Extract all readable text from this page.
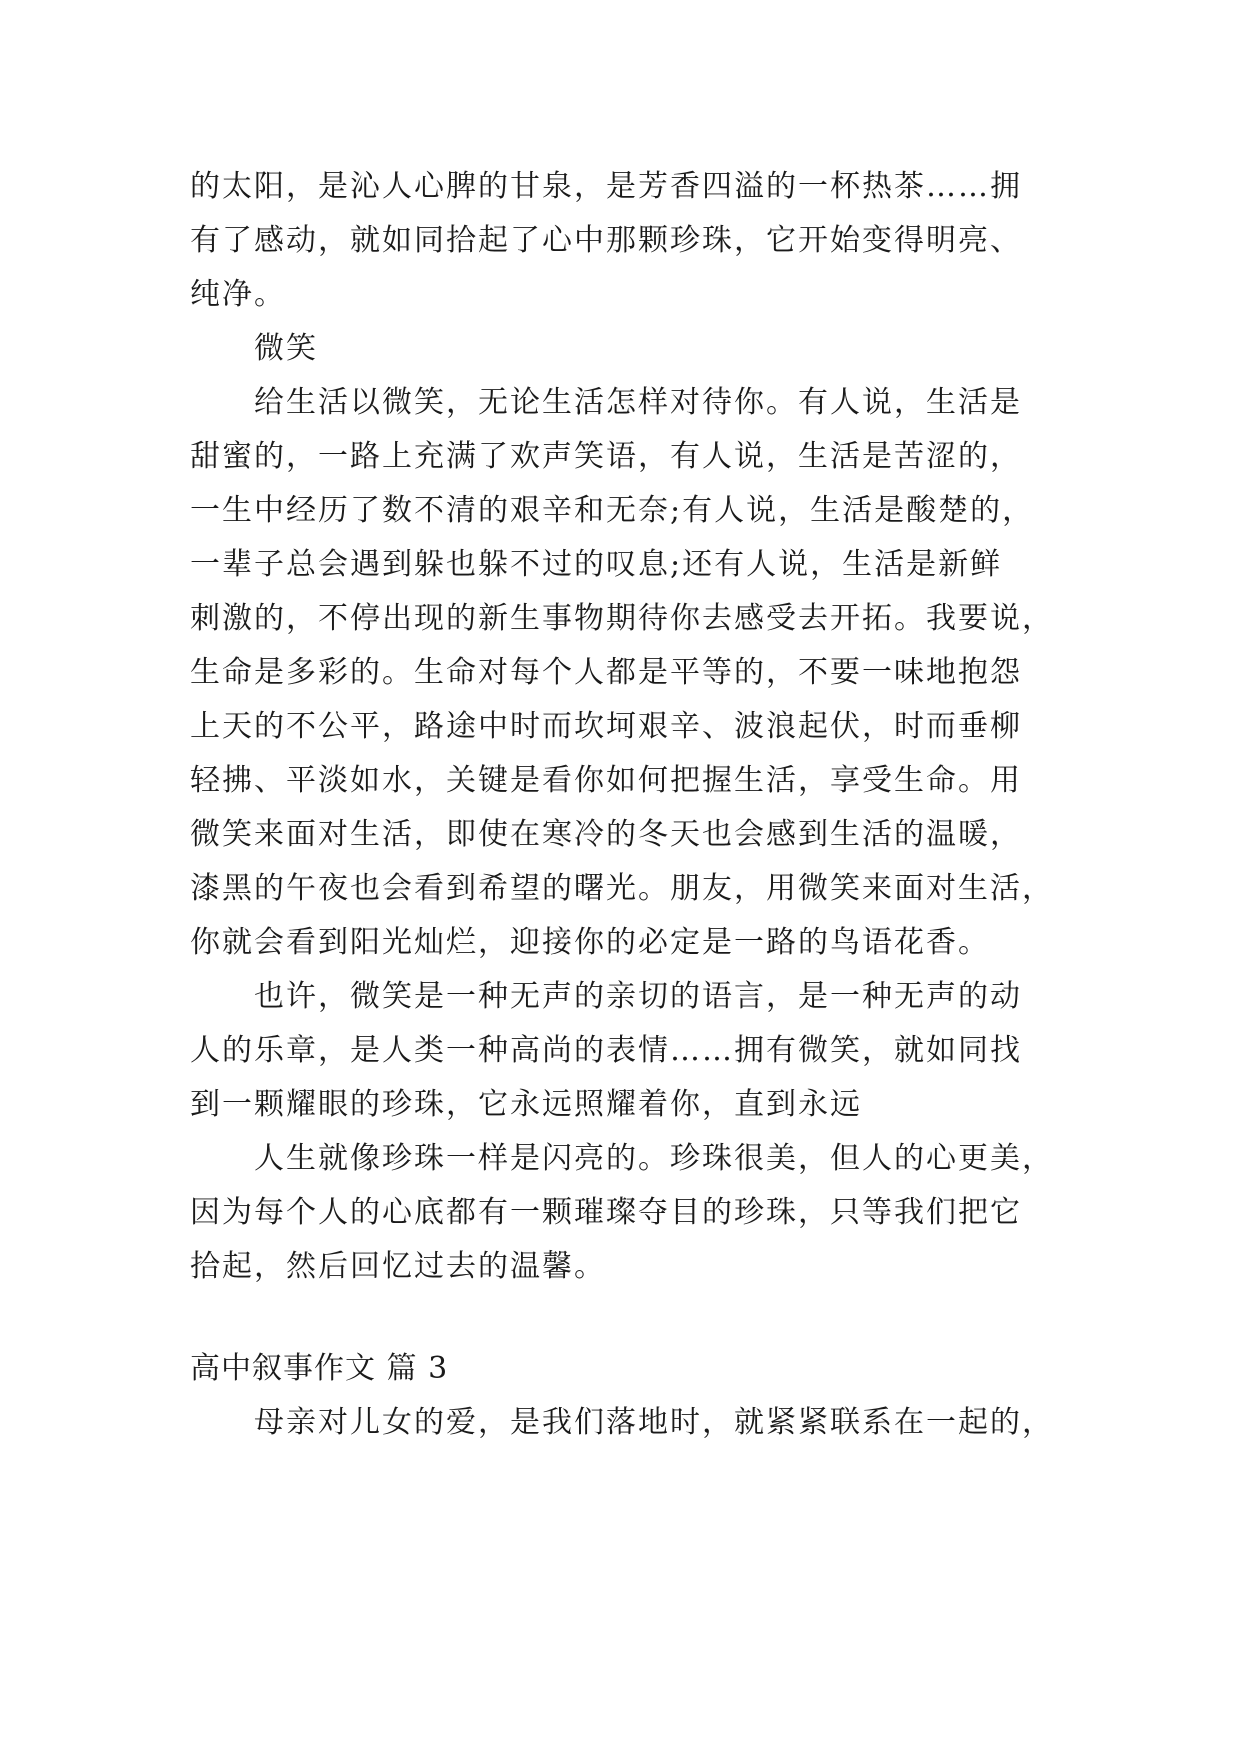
的太阳，是沁人心脾的甘泉，是芳香四溢的一杯热茶……拥
有了感动，就如同拾起了心中那颗珍珠，它开始变得明亮、
纯净。
微笑
给生活以微笑，无论生活怎样对待你。有人说，生活是
甜蜜的，一路上充满了欢声笑语，有人说，生活是苦涩的，
一生中经历了数不清的艰辛和无奈;有人说，生活是酸楚的，
一辈子总会遇到躲也躲不过的叹息;还有人说，生活是新鲜
刺激的，不停出现的新生事物期待你去感受去开拓。我要说，
生命是多彩的。生命对每个人都是平等的，不要一味地抱怨
上天的不公平，路途中时而坎坷艰辛、波浪起伏，时而垂柳
轻拂、平淡如水，关键是看你如何把握生活，享受生命。用
微笑来面对生活，即使在寒冷的冬天也会感到生活的温暖，
漆黑的午夜也会看到希望的曙光。朋友，用微笑来面对生活，
你就会看到阳光灿烂，迎接你的必定是一路的鸟语花香。
也许，微笑是一种无声的亲切的语言，是一种无声的动
人的乐章，是人类一种高尚的表情……拥有微笑，就如同找
到一颗耀眼的珍珠，它永远照耀着你，直到永远
人生就像珍珠一样是闪亮的。珍珠很美，但人的心更美，
因为每个人的心底都有一颗璀璨夺目的珍珠，只等我们把它
拾起，然后回忆过去的温馨。
高中叙事作文 篇 3
母亲对儿女的爱，是我们落地时，就紧紧联系在一起的，
